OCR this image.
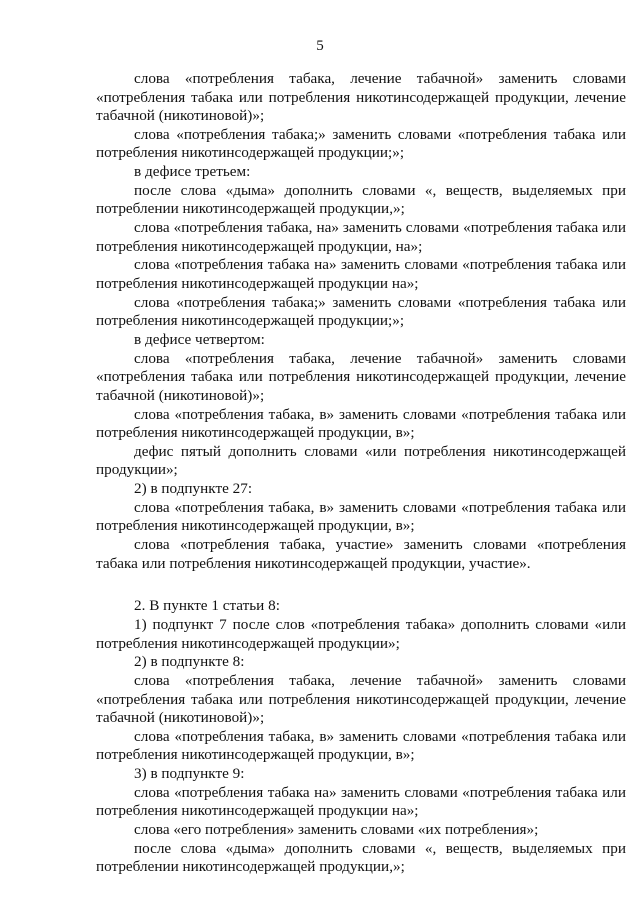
5

слова «потребления табака, лечение табачной» заменить словами «потребления табака или потребления никотинсодержащей продукции, лечение табачной (никотиновой)»;

слова «потребления табака;» заменить словами «потребления табака или потребления никотинсодержащей продукции;»;

в дефисе третьем:

после слова «дыма» дополнить словами «, веществ, выделяемых при потреблении никотинсодержащей продукции,»;

слова «потребления табака, на» заменить словами «потребления табака или потребления никотинсодержащей продукции, на»;

слова «потребления табака на» заменить словами «потребления табака или потребления никотинсодержащей продукции на»;

слова «потребления табака;» заменить словами «потребления табака или потребления никотинсодержащей продукции;»;

в дефисе четвертом:

слова «потребления табака, лечение табачной» заменить словами «потребления табака или потребления никотинсодержащей продукции, лечение табачной (никотиновой)»;

слова «потребления табака, в» заменить словами «потребления табака или потребления никотинсодержащей продукции, в»;

дефис пятый дополнить словами «или потребления никотинсодержащей продукции»;

2) в подпункте 27:

слова «потребления табака, в» заменить словами «потребления табака или потребления никотинсодержащей продукции, в»;

слова «потребления табака, участие» заменить словами «потребления табака или потребления никотинсодержащей продукции, участие».

2. В пункте 1 статьи 8:

1) подпункт 7 после слов «потребления табака» дополнить словами «или потребления никотинсодержащей продукции»;

2) в подпункте 8:

слова «потребления табака, лечение табачной» заменить словами «потребления табака или потребления никотинсодержащей продукции, лечение табачной (никотиновой)»;

слова «потребления табака, в» заменить словами «потребления табака или потребления никотинсодержащей продукции, в»;

3) в подпункте 9:

слова «потребления табака на» заменить словами «потребления табака или потребления никотинсодержащей продукции на»;

слова «его потребления» заменить словами «их потребления»;

после слова «дыма» дополнить словами «, веществ, выделяемых при потреблении никотинсодержащей продукции,»;
